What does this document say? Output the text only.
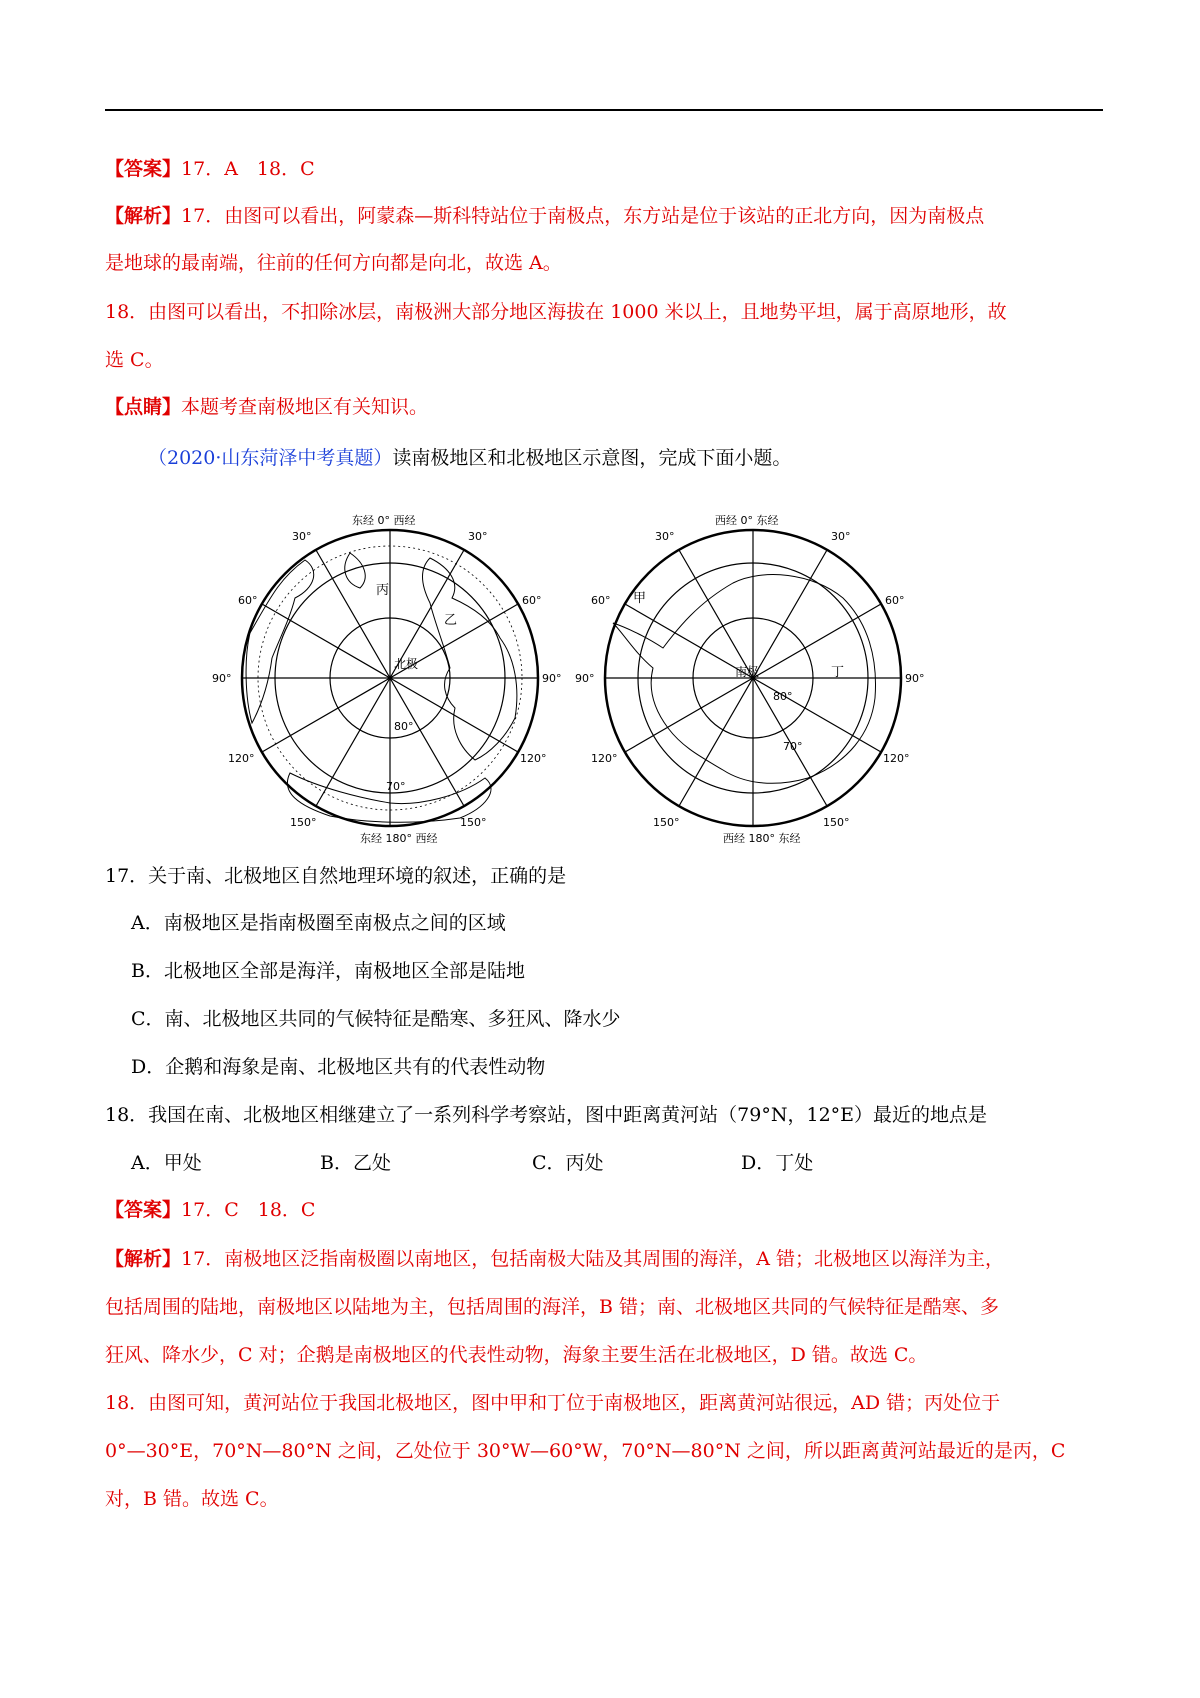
【答案】17．A　18．C
【解析】17．由图可以看出，阿蒙森—斯科特站位于南极点，东方站是位于该站的正北方向，因为南极点
是地球的最南端，往前的任何方向都是向北，故选 A。
18．由图可以看出，不扣除冰层，南极洲大部分地区海拔在 1000 米以上，且地势平坦，属于高原地形，故
选 C。
【点睛】本题考查南极地区有关知识。
（2020·山东菏泽中考真题）读南极地区和北极地区示意图，完成下面小题。
东经 0° 西经
东经 180° 西经
30°	30°
60°	60°
90°	90°
120°	120°
150°	150°
80°
70°
北极
丙
乙
西经 0° 东经
西经 180° 东经
30°	30°
60°	60°
90°	90°
120°	120°
150°	150°
80°
70°
南极
甲
丁
17．关于南、北极地区自然地理环境的叙述，正确的是
A．南极地区是指南极圈至南极点之间的区域
B．北极地区全部是海洋，南极地区全部是陆地
C．南、北极地区共同的气候特征是酷寒、多狂风、降水少
D．企鹅和海象是南、北极地区共有的代表性动物
18．我国在南、北极地区相继建立了一系列科学考察站，图中距离黄河站（79°N，12°E）最近的地点是
A．甲处	B．乙处	C．丙处	D．丁处
【答案】17．C　18．C
【解析】17．南极地区泛指南极圈以南地区，包括南极大陆及其周围的海洋，A 错；北极地区以海洋为主，
包括周围的陆地，南极地区以陆地为主，包括周围的海洋，B 错；南、北极地区共同的气候特征是酷寒、多
狂风、降水少，C 对；企鹅是南极地区的代表性动物，海象主要生活在北极地区，D 错。故选 C。
18．由图可知，黄河站位于我国北极地区，图中甲和丁位于南极地区，距离黄河站很远，AD 错；丙处位于
0°—30°E，70°N—80°N 之间，乙处位于 30°W—60°W，70°N—80°N 之间，所以距离黄河站最近的是丙，C
对，B 错。故选 C。
